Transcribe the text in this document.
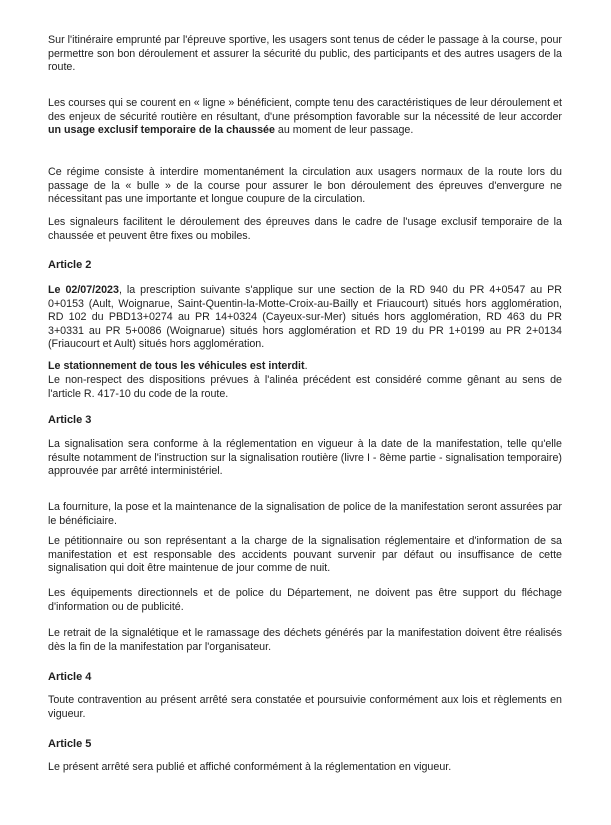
Sur l'itinéraire emprunté par l'épreuve sportive, les usagers sont tenus de céder le passage à la course, pour permettre son bon déroulement et assurer la sécurité du public, des participants et des autres usagers de la route.

Les courses qui se courent en « ligne » bénéficient, compte tenu des caractéristiques de leur déroulement et des enjeux de sécurité routière en résultant, d'une présomption favorable sur la nécessité de leur accorder un usage exclusif temporaire de la chaussée au moment de leur passage.

Ce régime consiste à interdire momentanément la circulation aux usagers normaux de la route lors du passage de la « bulle » de la course pour assurer le bon déroulement des épreuves d'envergure ne nécessitant pas une importante et longue coupure de la circulation.

Les signaleurs facilitent le déroulement des épreuves dans le cadre de l'usage exclusif temporaire de la chaussée et peuvent être fixes ou mobiles.

Article 2

Le 02/07/2023, la prescription suivante s'applique sur une section de la RD 940 du PR 4+0547 au PR 0+0153 (Ault, Woignarue, Saint-Quentin-la-Motte-Croix-au-Bailly et Friaucourt) situés hors agglomération, RD 102 du PBD13+0274 au PR 14+0324 (Cayeux-sur-Mer) situés hors agglomération, RD 463 du PR 3+0331 au PR 5+0086 (Woignarue) situés hors agglomération et RD 19 du PR 1+0199 au PR 2+0134 (Friaucourt et Ault) situés hors agglomération.

Le stationnement de tous les véhicules est interdit.

Le non-respect des dispositions prévues à l'alinéa précédent est considéré comme gênant au sens de l'article R. 417-10 du code de la route.

Article 3

La signalisation sera conforme à la réglementation en vigueur à la date de la manifestation, telle qu'elle résulte notamment de l'instruction sur la signalisation routière (livre I - 8ème partie - signalisation temporaire) approuvée par arrêté interministériel.

La fourniture, la pose et la maintenance de la signalisation de police de la manifestation seront assurées par le bénéficiaire.

Le pétitionnaire ou son représentant a la charge de la signalisation réglementaire et d'information de sa manifestation et est responsable des accidents pouvant survenir par défaut ou insuffisance de cette signalisation qui doit être maintenue de jour comme de nuit.

Les équipements directionnels et de police du Département, ne doivent pas être support du fléchage d'information ou de publicité.

Le retrait de la signalétique et le ramassage des déchets générés par la manifestation doivent être réalisés dès la fin de la manifestation par l'organisateur.

Article 4

Toute contravention au présent arrêté sera constatée et poursuivie conformément aux lois et règlements en vigueur.

Article 5

Le présent arrêté sera publié et affiché conformément à la réglementation en vigueur.
